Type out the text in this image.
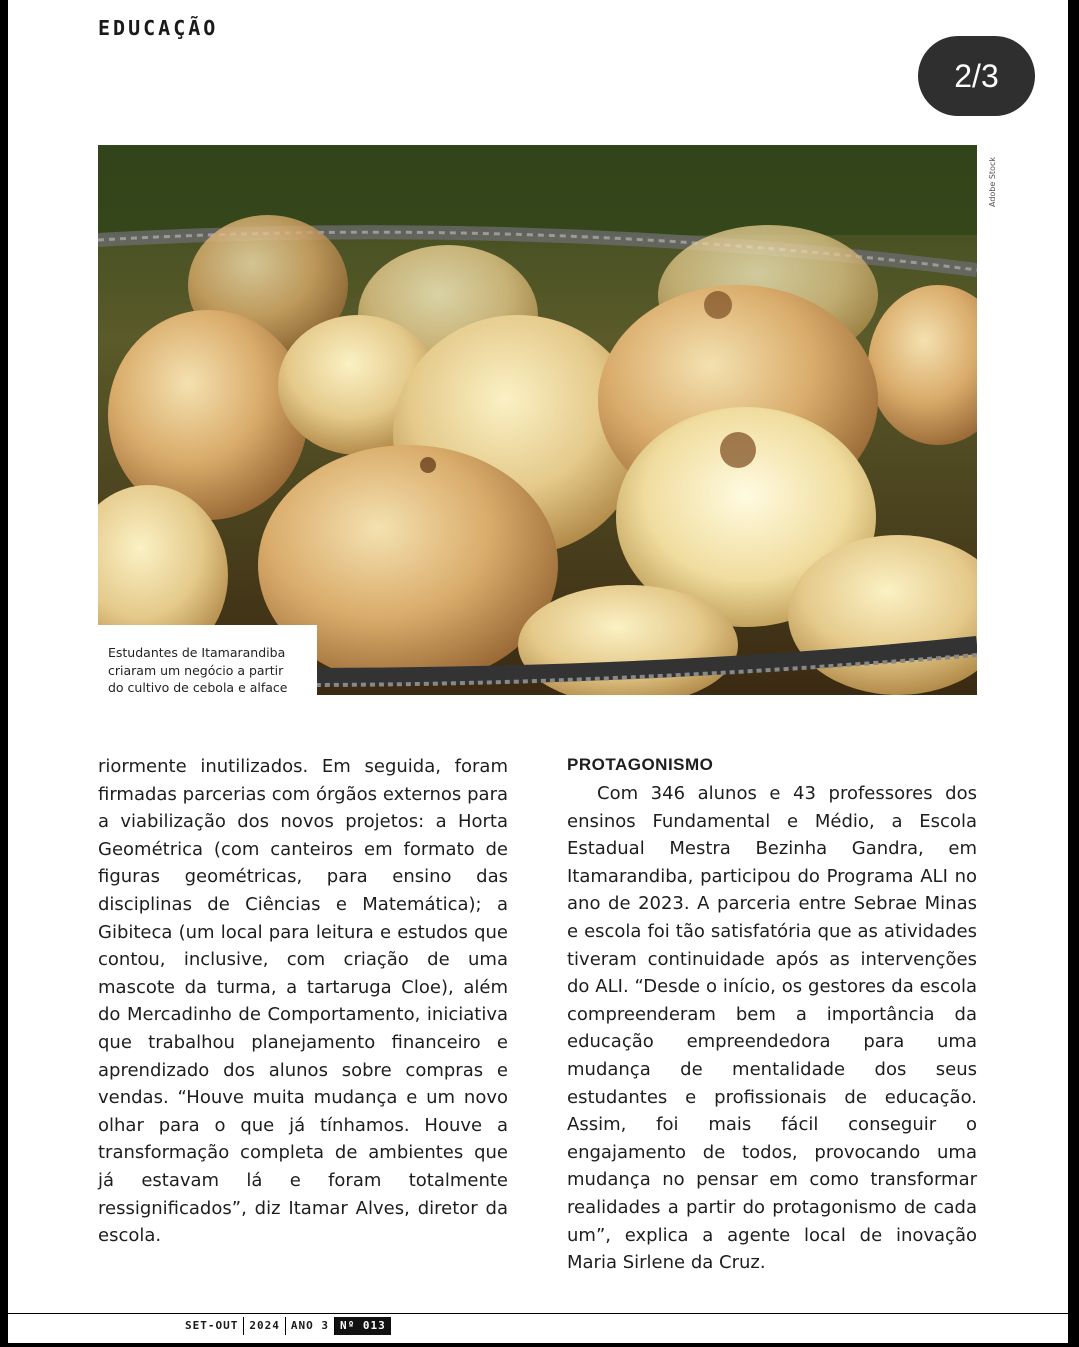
EDUCAÇÃO
2/3
Adobe Stock
Estudantes de Itamarandiba
criaram um negócio a partir
do cultivo de cebola e alface
riormente inutilizados. Em seguida, foram firmadas parcerias com órgãos externos para a viabilização dos novos projetos: a Horta Geométrica (com canteiros em formato de figuras geométricas, para ensino das disciplinas de Ciências e Matemática); a Gibiteca (um local para leitura e estudos que contou, inclusive, com criação de uma mascote da turma, a tartaruga Cloe), além do Mercadinho de Comportamento, iniciativa que trabalhou planejamento financeiro e aprendizado dos alunos sobre compras e vendas. “Houve muita mudança e um novo olhar para o que já tínhamos. Houve a transformação completa de ambientes que já estavam lá e foram totalmente ressignificados”, diz Itamar Alves, diretor da escola.
PROTAGONISMO
Com 346 alunos e 43 professores dos ensinos Fundamental e Médio, a Escola Estadual Mestra Bezinha Gandra, em Itamarandiba, participou do Programa ALI no ano de 2023. A parceria entre Sebrae Minas e escola foi tão satisfatória que as atividades tiveram continuidade após as intervenções do ALI. “Desde o início, os gestores da escola compreenderam bem a importância da educação empreendedora para uma mudança de mentalidade dos seus estudantes e profissionais de educação. Assim, foi mais fácil conseguir o engajamento de todos, provocando uma mudança no pensar em como transformar realidades a partir do protagonismo de cada um”, explica a agente local de inovação Maria Sirlene da Cruz.
SET-OUT	2024	ANO 3	Nº 013
